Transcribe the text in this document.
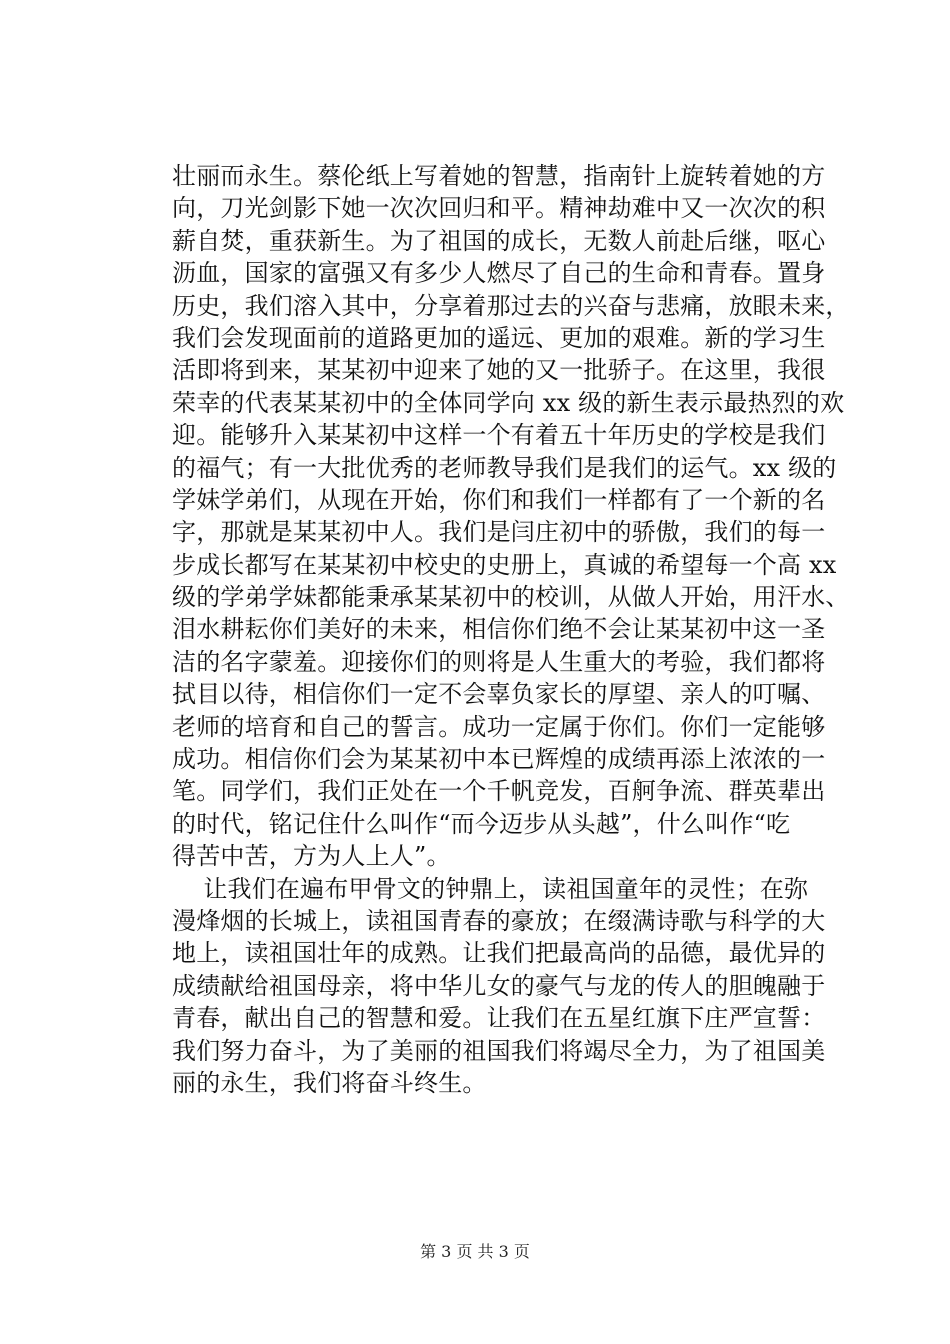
壮丽而永生。蔡伦纸上写着她的智慧，指南针上旋转着她的方
向，刀光剑影下她一次次回归和平。精神劫难中又一次次的积
薪自焚，重获新生。为了祖国的成长，无数人前赴后继，呕心
沥血，国家的富强又有多少人燃尽了自己的生命和青春。置身
历史，我们溶入其中，分享着那过去的兴奋与悲痛，放眼未来，
我们会发现面前的道路更加的遥远、更加的艰难。新的学习生
活即将到来，某某初中迎来了她的又一批骄子。在这里，我很
荣幸的代表某某初中的全体同学向 xx 级的新生表示最热烈的欢
迎。能够升入某某初中这样一个有着五十年历史的学校是我们
的福气；有一大批优秀的老师教导我们是我们的运气。xx 级的
学妹学弟们，从现在开始，你们和我们一样都有了一个新的名
字，那就是某某初中人。我们是闫庄初中的骄傲，我们的每一
步成长都写在某某初中校史的史册上，真诚的希望每一个高 xx
级的学弟学妹都能秉承某某初中的校训，从做人开始，用汗水、
泪水耕耘你们美好的未来，相信你们绝不会让某某初中这一圣
洁的名字蒙羞。迎接你们的则将是人生重大的考验，我们都将
拭目以待，相信你们一定不会辜负家长的厚望、亲人的叮嘱、
老师的培育和自己的誓言。成功一定属于你们。你们一定能够
成功。相信你们会为某某初中本已辉煌的成绩再添上浓浓的一
笔。同学们，我们正处在一个千帆竞发，百舸争流、群英辈出
的时代，铭记住什么叫作“而今迈步从头越”，什么叫作“吃
得苦中苦，方为人上人”。
让我们在遍布甲骨文的钟鼎上，读祖国童年的灵性；在弥
漫烽烟的长城上，读祖国青春的豪放；在缀满诗歌与科学的大
地上，读祖国壮年的成熟。让我们把最高尚的品德，最优异的
成绩献给祖国母亲，将中华儿女的豪气与龙的传人的胆魄融于
青春，献出自己的智慧和爱。让我们在五星红旗下庄严宣誓：
我们努力奋斗，为了美丽的祖国我们将竭尽全力，为了祖国美
丽的永生，我们将奋斗终生。
第 3 页 共 3 页
